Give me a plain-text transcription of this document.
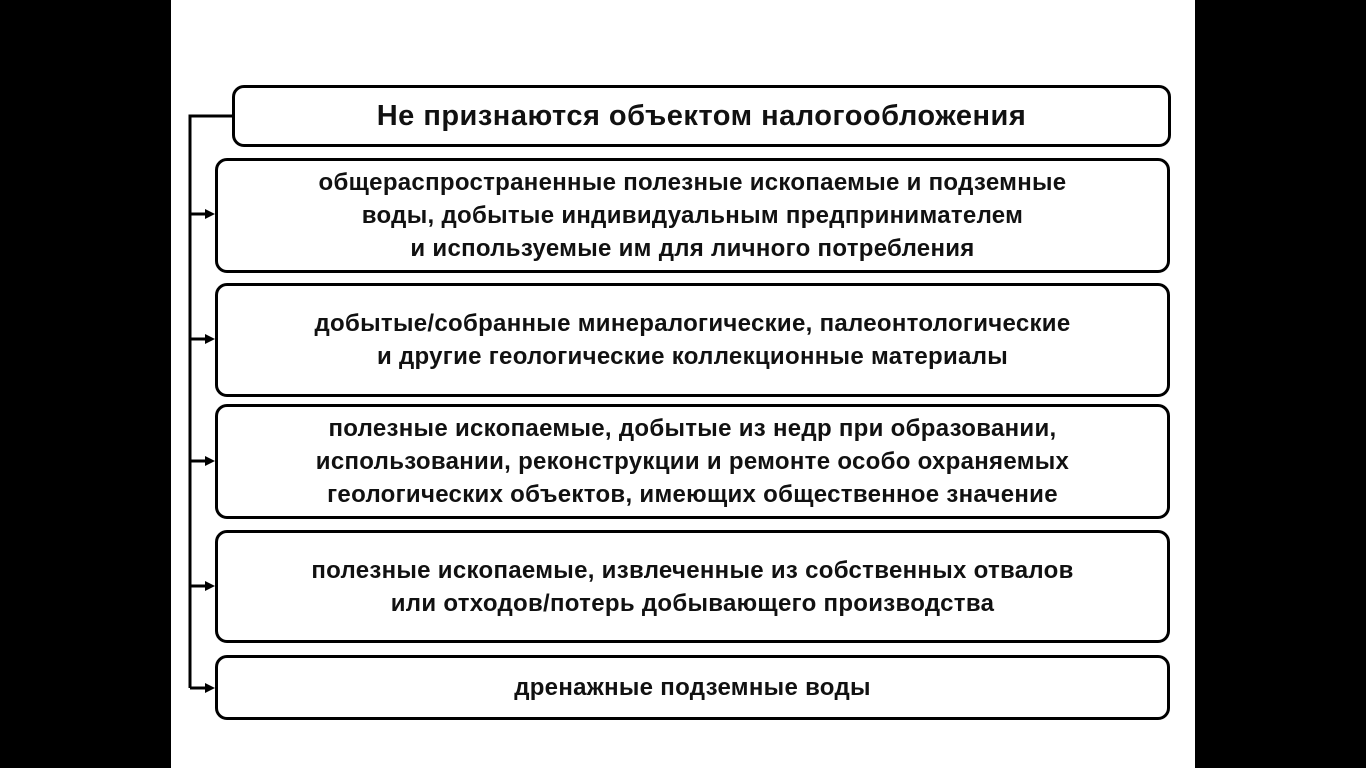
Не признаются объектом налогообложения
общераспространенные полезные ископаемые и подземные
воды, добытые индивидуальным предпринимателем
и используемые им для личного потребления
добытые/собранные минералогические, палеонтологические
и другие геологические коллекционные материалы
полезные ископаемые, добытые из недр при образовании,
использовании, реконструкции и ремонте особо охраняемых
геологических объектов, имеющих общественное значение
полезные ископаемые, извлеченные из собственных отвалов
или отходов/потерь добывающего производства
дренажные подземные воды
